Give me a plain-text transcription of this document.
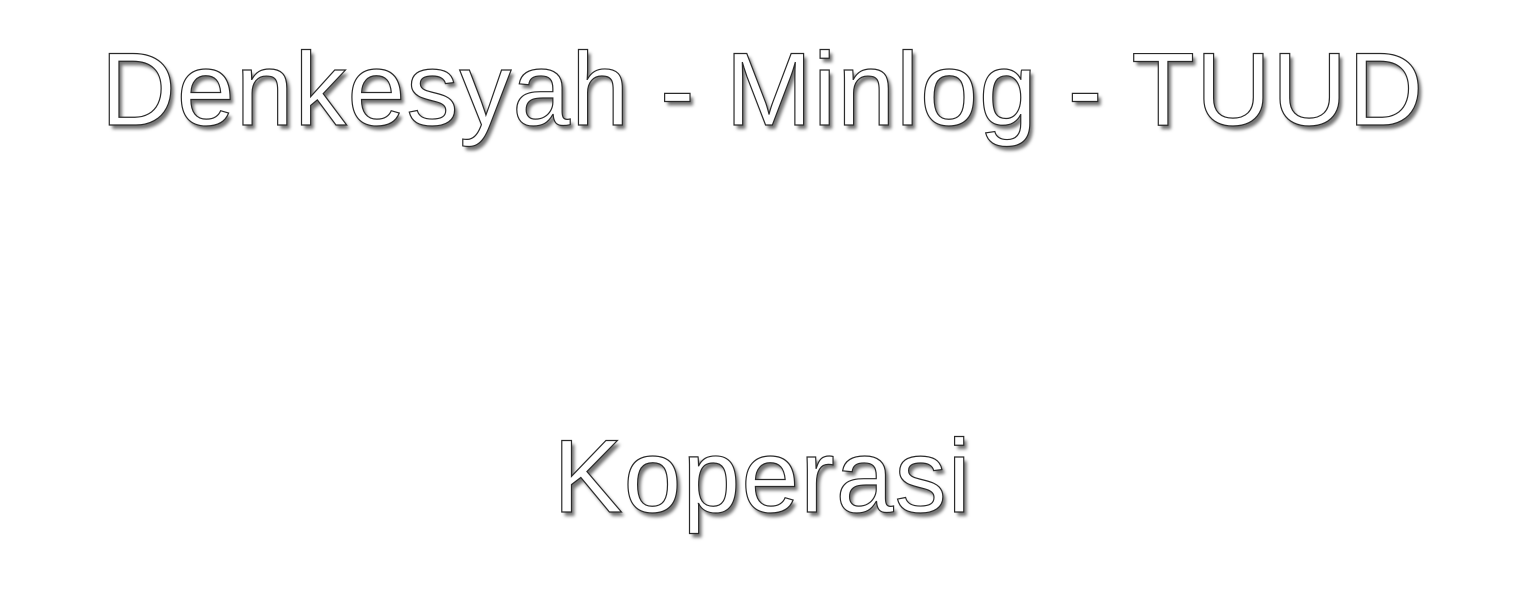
Denkesyah - Minlog - TUUD
Koperasi
